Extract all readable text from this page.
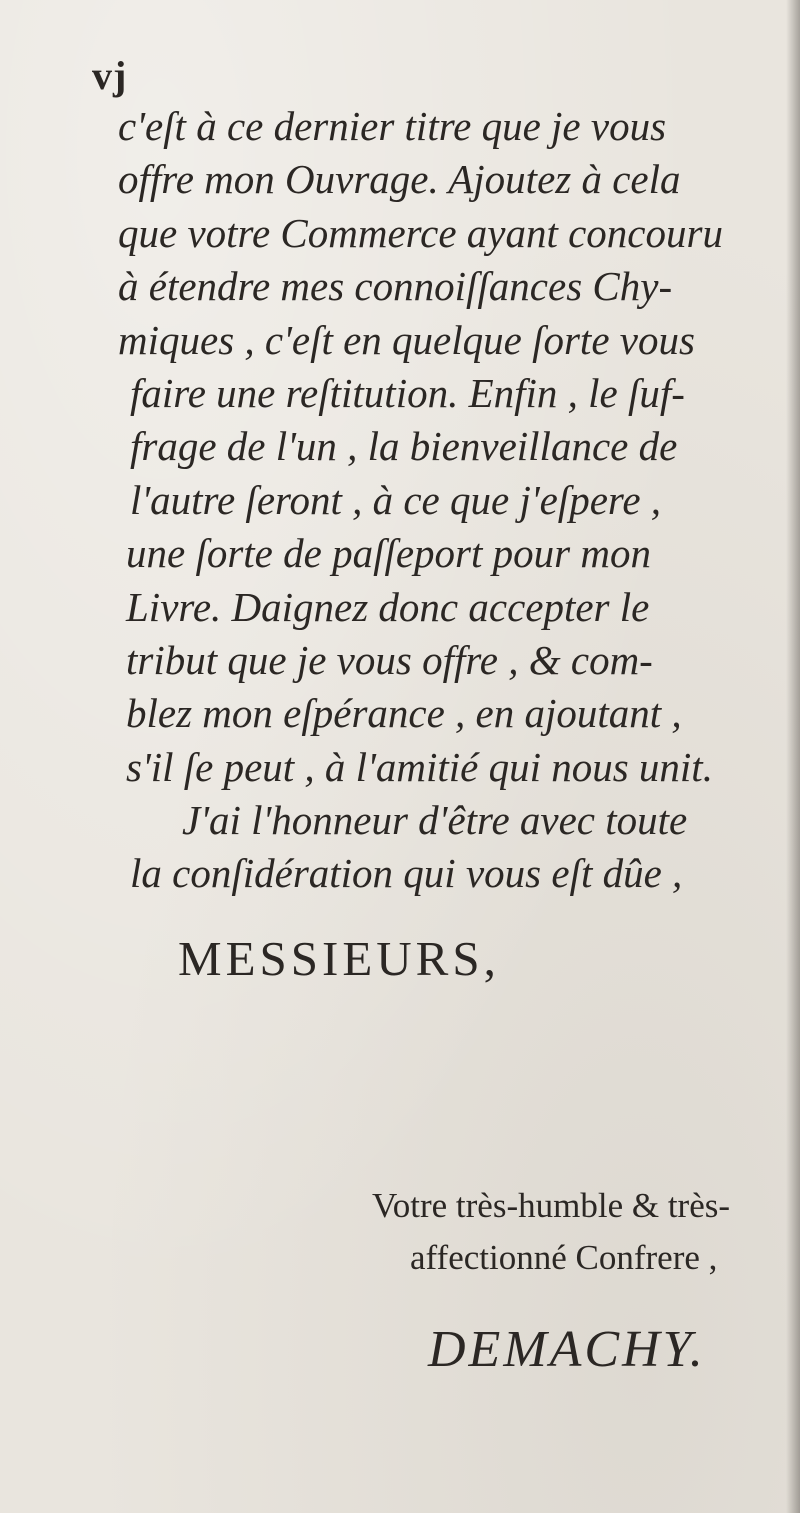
vj
c'eſt à ce dernier titre que je vous
offre mon Ouvrage. Ajoutez à cela
que votre Commerce ayant concouru
à étendre mes connoiſſances Chy-
miques , c'eſt en quelque ſorte vous
faire une reſtitution. Enfin , le ſuf-
frage de l'un , la bienveillance de
l'autre ſeront , à ce que j'eſpere ,
une ſorte de paſſeport pour mon
Livre. Daignez donc accepter le
tribut que je vous offre , & com-
blez mon eſpérance , en ajoutant ,
s'il ſe peut , à l'amitié qui nous unit.
J'ai l'honneur d'être avec toute
la conſidération qui vous eſt dûe ,
MESSIEURS,
Votre très-humble & très-
affectionné Confrere ,
DEMACHY.
